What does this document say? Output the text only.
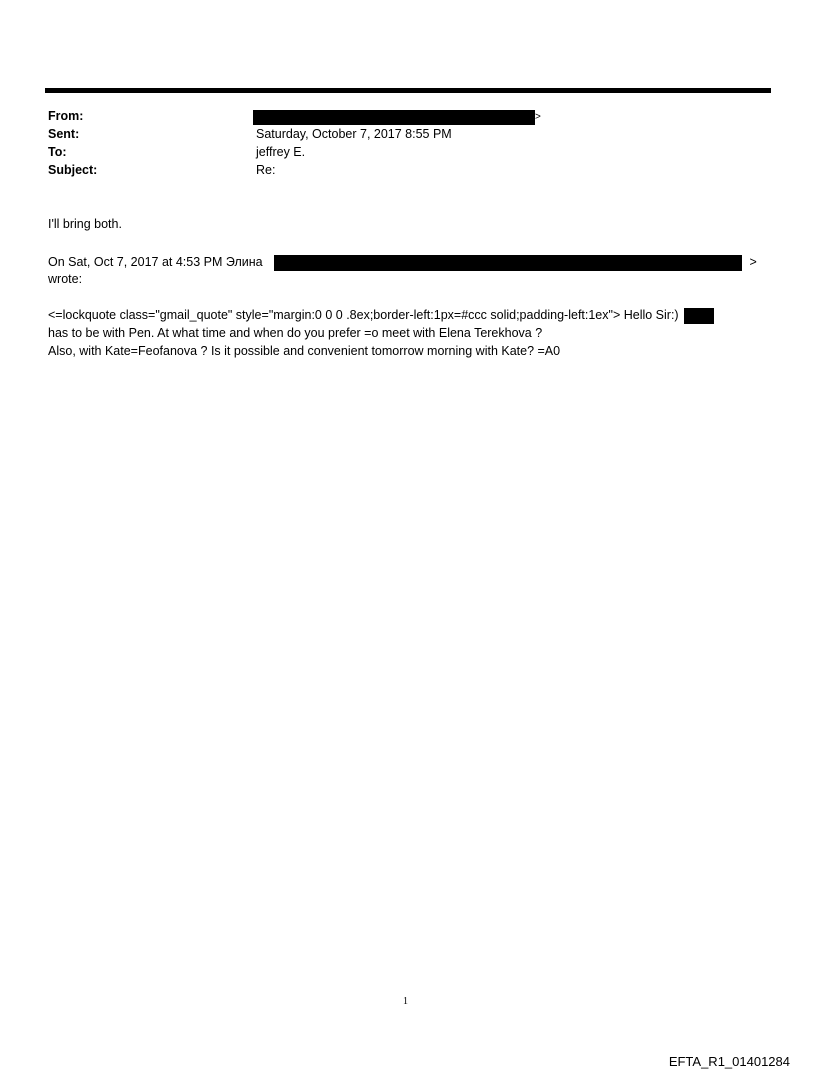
From:	>
Sent:	Saturday, October 7, 2017 8:55 PM
To:	jeffrey E.
Subject:	Re:
I'll bring both.
On Sat, Oct 7, 2017 at 4:53 PM Элина	>
wrote:
<=lockquote class="gmail_quote" style="margin:0 0 0 .8ex;border-left:1px=#ccc solid;padding-left:1ex"> Hello Sir:)
has to be with Pen. At what time and when do you prefer =o meet with Elena Terekhova ?
Also, with Kate=Feofanova ? Is it possible and convenient tomorrow morning with Kate? =A0
1
EFTA_R1_01401284
